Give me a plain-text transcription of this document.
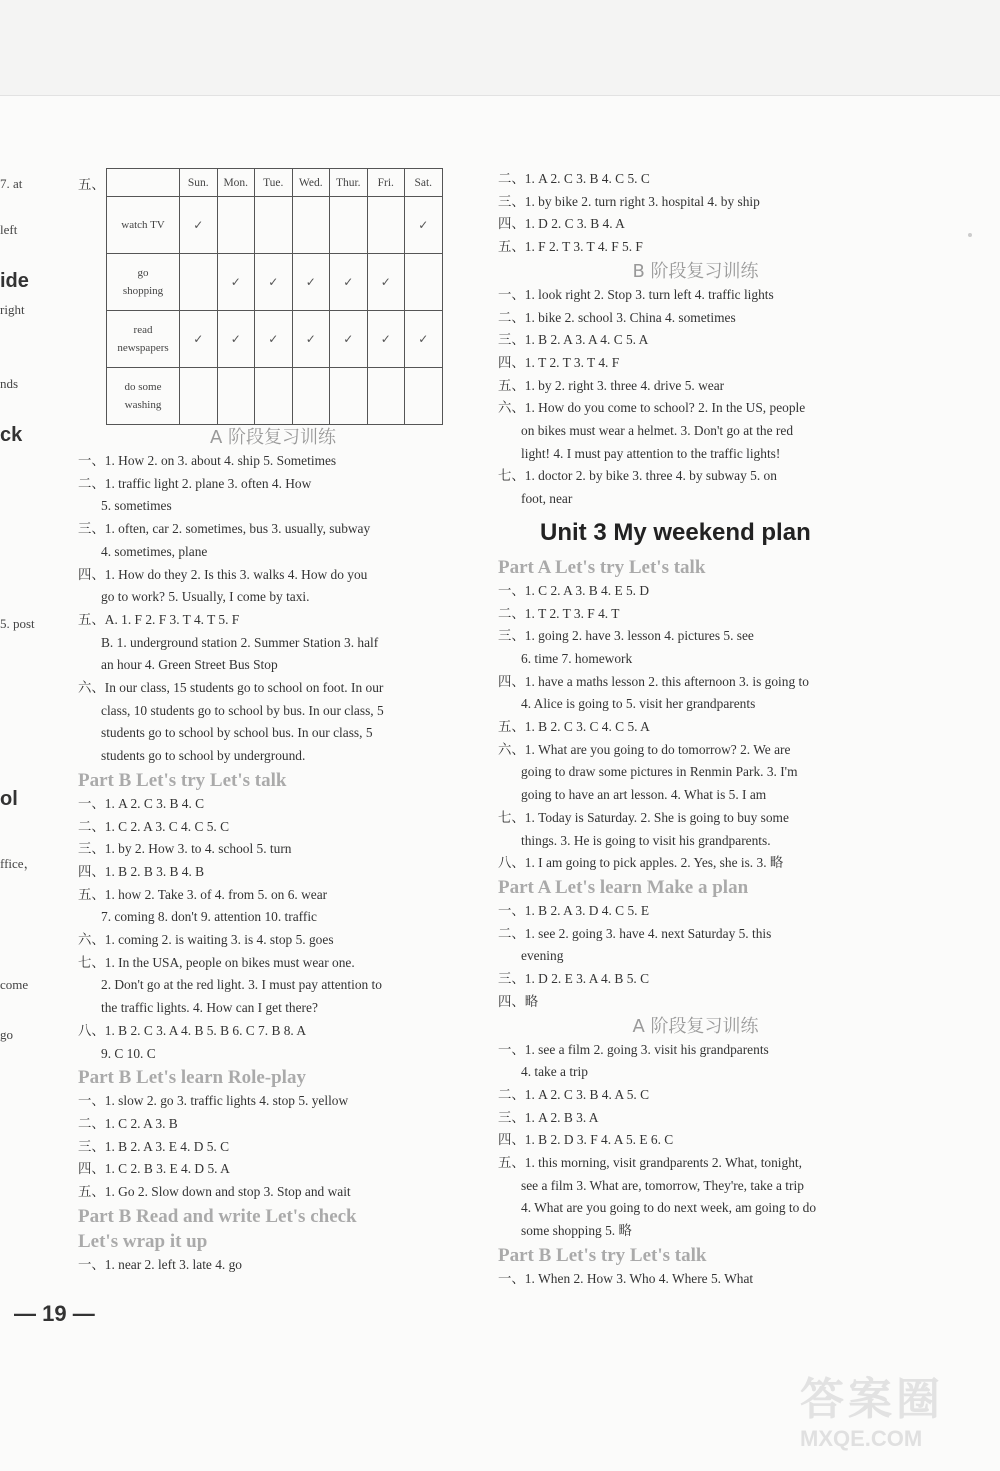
7. at
left
ide
right
nds
ck
5. post
ol
ffice，
come
go
五、
		Sun.	Mon.	Tue.	Wed.	Thur.	Fri.	Sat.

watch TV	✓						✓

go
shopping		✓	✓	✓	✓	✓	

read
newspapers	✓	✓	✓	✓	✓	✓	✓

do some
washing							

A 阶段复习训练
一、1. How 2. on 3. about 4. ship 5. Sometimes
二、1. traffic light 2. plane 3. often 4. How
5. sometimes
三、1. often, car 2. sometimes, bus 3. usually, subway
4. sometimes, plane
四、1. How do they 2. Is this 3. walks 4. How do you
go to work? 5. Usually, I come by taxi.
五、A. 1. F 2. F 3. T 4. T 5. F
B. 1. underground station 2. Summer Station 3. half
an hour 4. Green Street Bus Stop
六、In our class, 15 students go to school on foot. In our
class, 10 students go to school by bus. In our class, 5
students go to school by school bus. In our class, 5
students go to school by underground.
Part B Let's try Let's talk
一、1. A 2. C 3. B 4. C
二、1. C 2. A 3. C 4. C 5. C
三、1. by 2. How 3. to 4. school 5. turn
四、1. B 2. B 3. B 4. B
五、1. how 2. Take 3. of 4. from 5. on 6. wear
7. coming 8. don't 9. attention 10. traffic
六、1. coming 2. is waiting 3. is 4. stop 5. goes
七、1. In the USA, people on bikes must wear one.
2. Don't go at the red light. 3. I must pay attention to
the traffic lights. 4. How can I get there?
八、1. B 2. C 3. A 4. B 5. B 6. C 7. B 8. A
9. C 10. C
Part B Let's learn Role-play
一、1. slow 2. go 3. traffic lights 4. stop 5. yellow
二、1. C 2. A 3. B
三、1. B 2. A 3. E 4. D 5. C
四、1. C 2. B 3. E 4. D 5. A
五、1. Go 2. Slow down and stop 3. Stop and wait
Part B Read and write Let's check
Let's wrap it up
一、1. near 2. left 3. late 4. go
二、1. A 2. C 3. B 4. C 5. C
三、1. by bike 2. turn right 3. hospital 4. by ship
四、1. D 2. C 3. B 4. A
五、1. F 2. T 3. T 4. F 5. F
B 阶段复习训练
一、1. look right 2. Stop 3. turn left 4. traffic lights
二、1. bike 2. school 3. China 4. sometimes
三、1. B 2. A 3. A 4. C 5. A
四、1. T 2. T 3. T 4. F
五、1. by 2. right 3. three 4. drive 5. wear
六、1. How do you come to school? 2. In the US, people
on bikes must wear a helmet. 3. Don't go at the red
light! 4. I must pay attention to the traffic lights!
七、1. doctor 2. by bike 3. three 4. by subway 5. on
foot, near
Unit 3 My weekend plan
Part A Let's try Let's talk
一、1. C 2. A 3. B 4. E 5. D
二、1. T 2. T 3. F 4. T
三、1. going 2. have 3. lesson 4. pictures 5. see
6. time 7. homework
四、1. have a maths lesson 2. this afternoon 3. is going to
4. Alice is going to 5. visit her grandparents
五、1. B 2. C 3. C 4. C 5. A
六、1. What are you going to do tomorrow? 2. We are
going to draw some pictures in Renmin Park. 3. I'm
going to have an art lesson. 4. What is 5. I am
七、1. Today is Saturday. 2. She is going to buy some
things. 3. He is going to visit his grandparents.
八、1. I am going to pick apples. 2. Yes, she is. 3. 略
Part A Let's learn Make a plan
一、1. B 2. A 3. D 4. C 5. E
二、1. see 2. going 3. have 4. next Saturday 5. this
evening
三、1. D 2. E 3. A 4. B 5. C
四、略
A 阶段复习训练
一、1. see a film 2. going 3. visit his grandparents
4. take a trip
二、1. A 2. C 3. B 4. A 5. C
三、1. A 2. B 3. A
四、1. B 2. D 3. F 4. A 5. E 6. C
五、1. this morning, visit grandparents 2. What, tonight,
see a film 3. What are, tomorrow, They're, take a trip
4. What are you going to do next week, am going to do
some shopping 5. 略
Part B Let's try Let's talk
一、1. When 2. How 3. Who 4. Where 5. What
— 19 —
答案圈
MXQE.COM
